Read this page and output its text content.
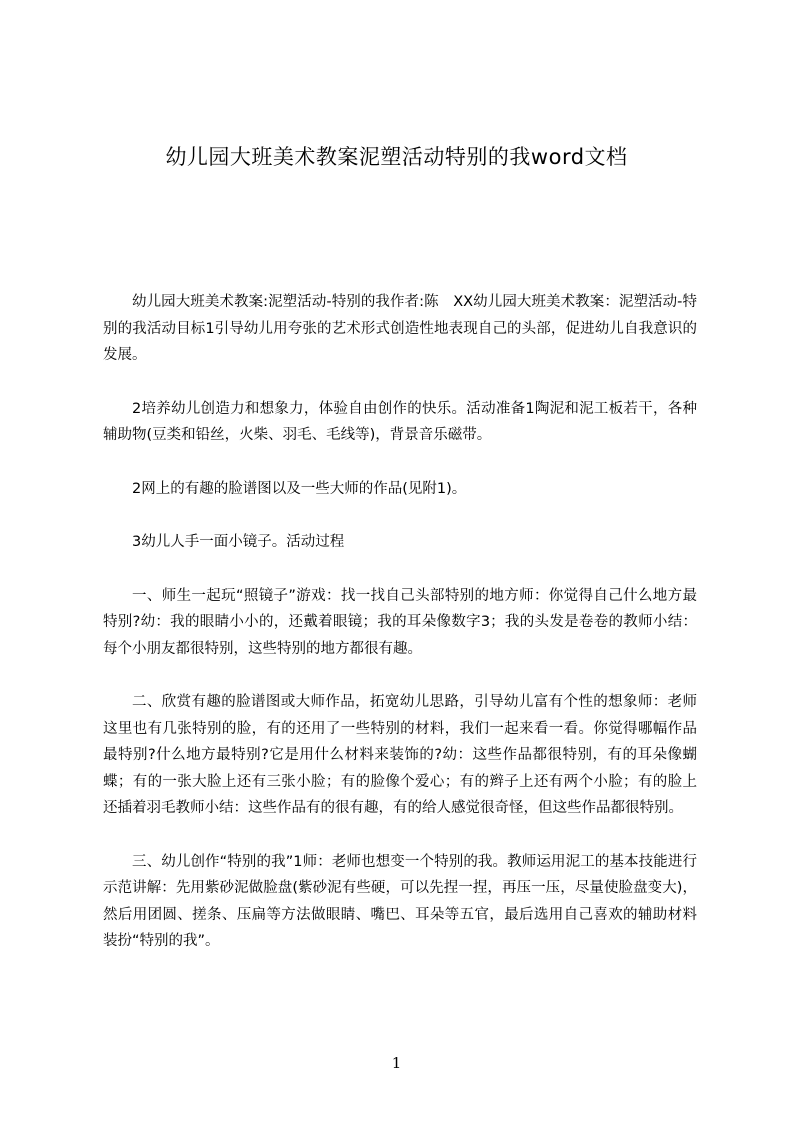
幼儿园大班美术教案泥塑活动特别的我word文档

幼儿园大班美术教案:泥塑活动-特别的我作者:陈　XX幼儿园大班美术教案：泥塑活动-特别的我活动目标1引导幼儿用夸张的艺术形式创造性地表现自己的头部，促进幼儿自我意识的发展。

2培养幼儿创造力和想象力，体验自由创作的快乐。活动准备1陶泥和泥工板若干，各种辅助物(豆类和铅丝，火柴、羽毛、毛线等)，背景音乐磁带。

2网上的有趣的脸谱图以及一些大师的作品(见附1)。

3幼儿人手一面小镜子。活动过程

一、师生一起玩“照镜子”游戏：找一找自己头部特别的地方师：你觉得自己什么地方最特别?幼：我的眼睛小小的，还戴着眼镜；我的耳朵像数字3；我的头发是卷卷的教师小结：每个小朋友都很特别，这些特别的地方都很有趣。

二、欣赏有趣的脸谱图或大师作品，拓宽幼儿思路，引导幼儿富有个性的想象师：老师这里也有几张特别的脸，有的还用了一些特别的材料，我们一起来看一看。你觉得哪幅作品最特别?什么地方最特别?它是用什么材料来装饰的?幼：这些作品都很特别，有的耳朵像蝴蝶；有的一张大脸上还有三张小脸；有的脸像个爱心；有的辫子上还有两个小脸；有的脸上还插着羽毛教师小结：这些作品有的很有趣，有的给人感觉很奇怪，但这些作品都很特别。

三、幼儿创作“特别的我”1师：老师也想变一个特别的我。教师运用泥工的基本技能进行示范讲解：先用紫砂泥做脸盘(紫砂泥有些硬，可以先捏一捏，再压一压，尽量使脸盘变大)，然后用团圆、搓条、压扁等方法做眼睛、嘴巴、耳朵等五官，最后选用自己喜欢的辅助材料装扮“特别的我”。

1
